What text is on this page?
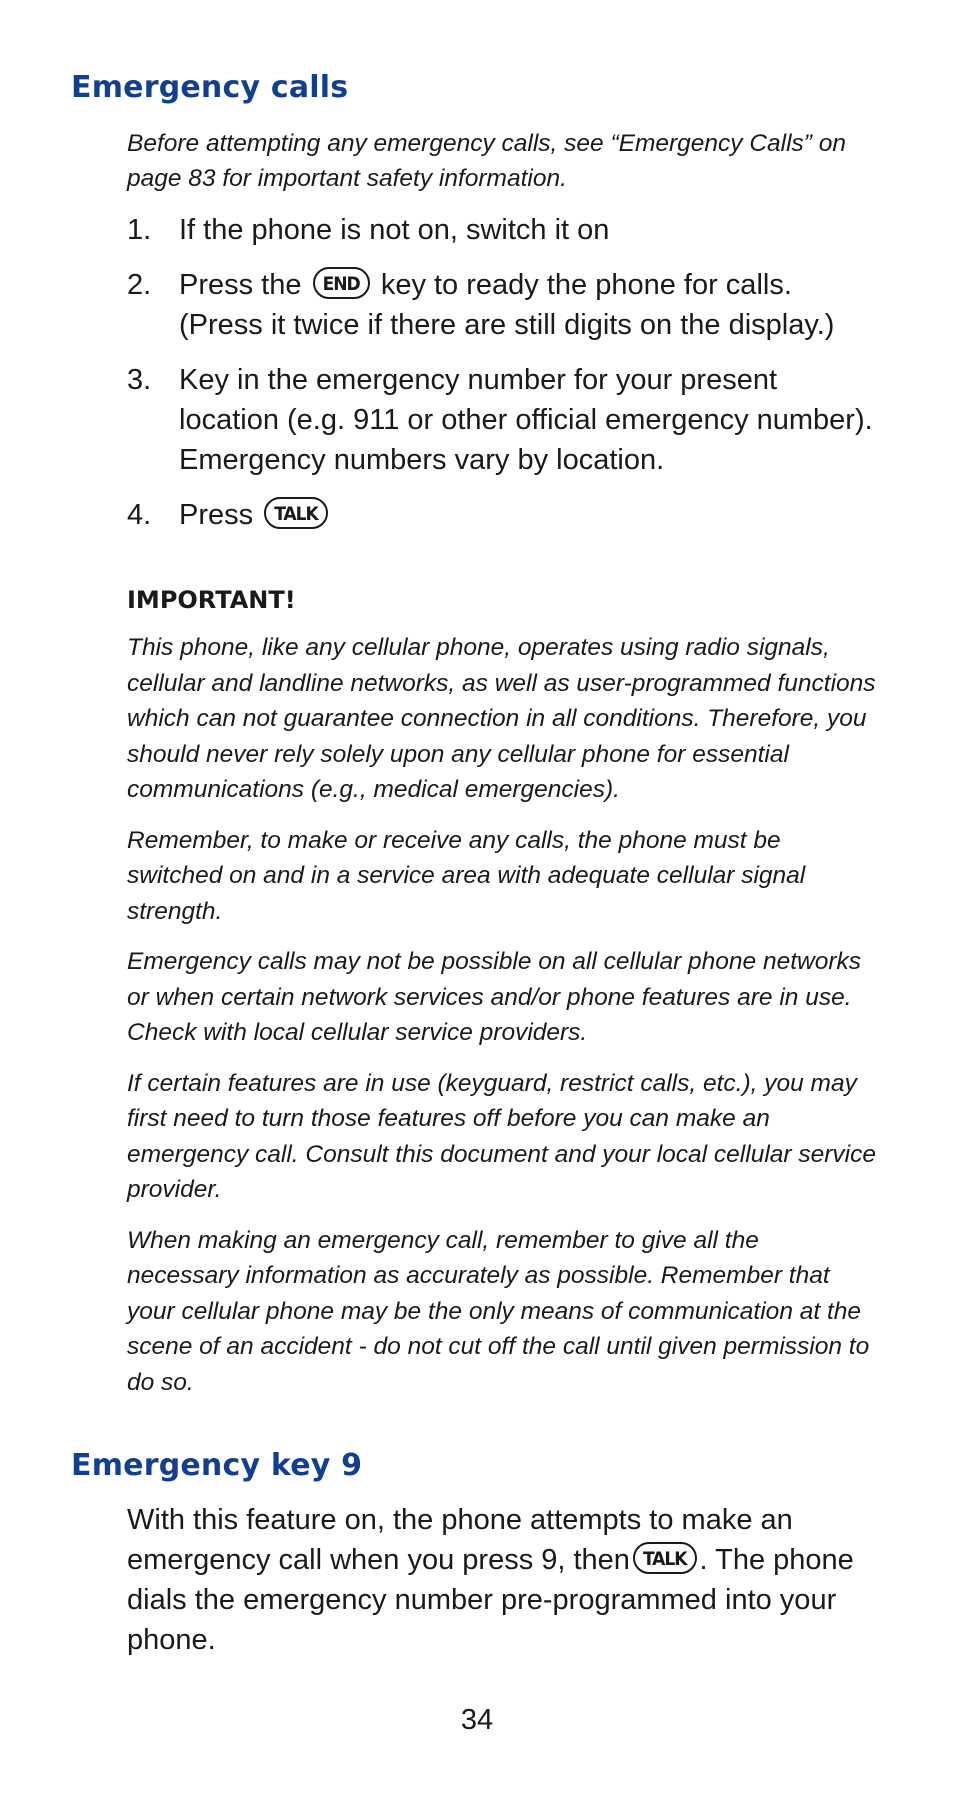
Emergency calls

Before attempting any emergency calls, see “Emergency Calls” on page 83 for important safety information.

1. If the phone is not on, switch it on
2. Press the END key to ready the phone for calls. (Press it twice if there are still digits on the display.)
3. Key in the emergency number for your present location (e.g. 911 or other official emergency number). Emergency numbers vary by location.
4. Press TALK

IMPORTANT!

This phone, like any cellular phone, operates using radio signals, cellular and landline networks, as well as user-programmed functions which can not guarantee connection in all conditions. Therefore, you should never rely solely upon any cellular phone for essential communications (e.g., medical emergencies).

Remember, to make or receive any calls, the phone must be switched on and in a service area with adequate cellular signal strength.

Emergency calls may not be possible on all cellular phone networks or when certain network services and/or phone features are in use. Check with local cellular service providers.

If certain features are in use (keyguard, restrict calls, etc.), you may first need to turn those features off before you can make an emergency call. Consult this document and your local cellular service provider.

When making an emergency call, remember to give all the necessary information as accurately as possible. Remember that your cellular phone may be the only means of communication at the scene of an accident - do not cut off the call until given permission to do so.

Emergency key 9

With this feature on, the phone attempts to make an emergency call when you press 9, then TALK . The phone dials the emergency number pre-programmed into your phone.

34
